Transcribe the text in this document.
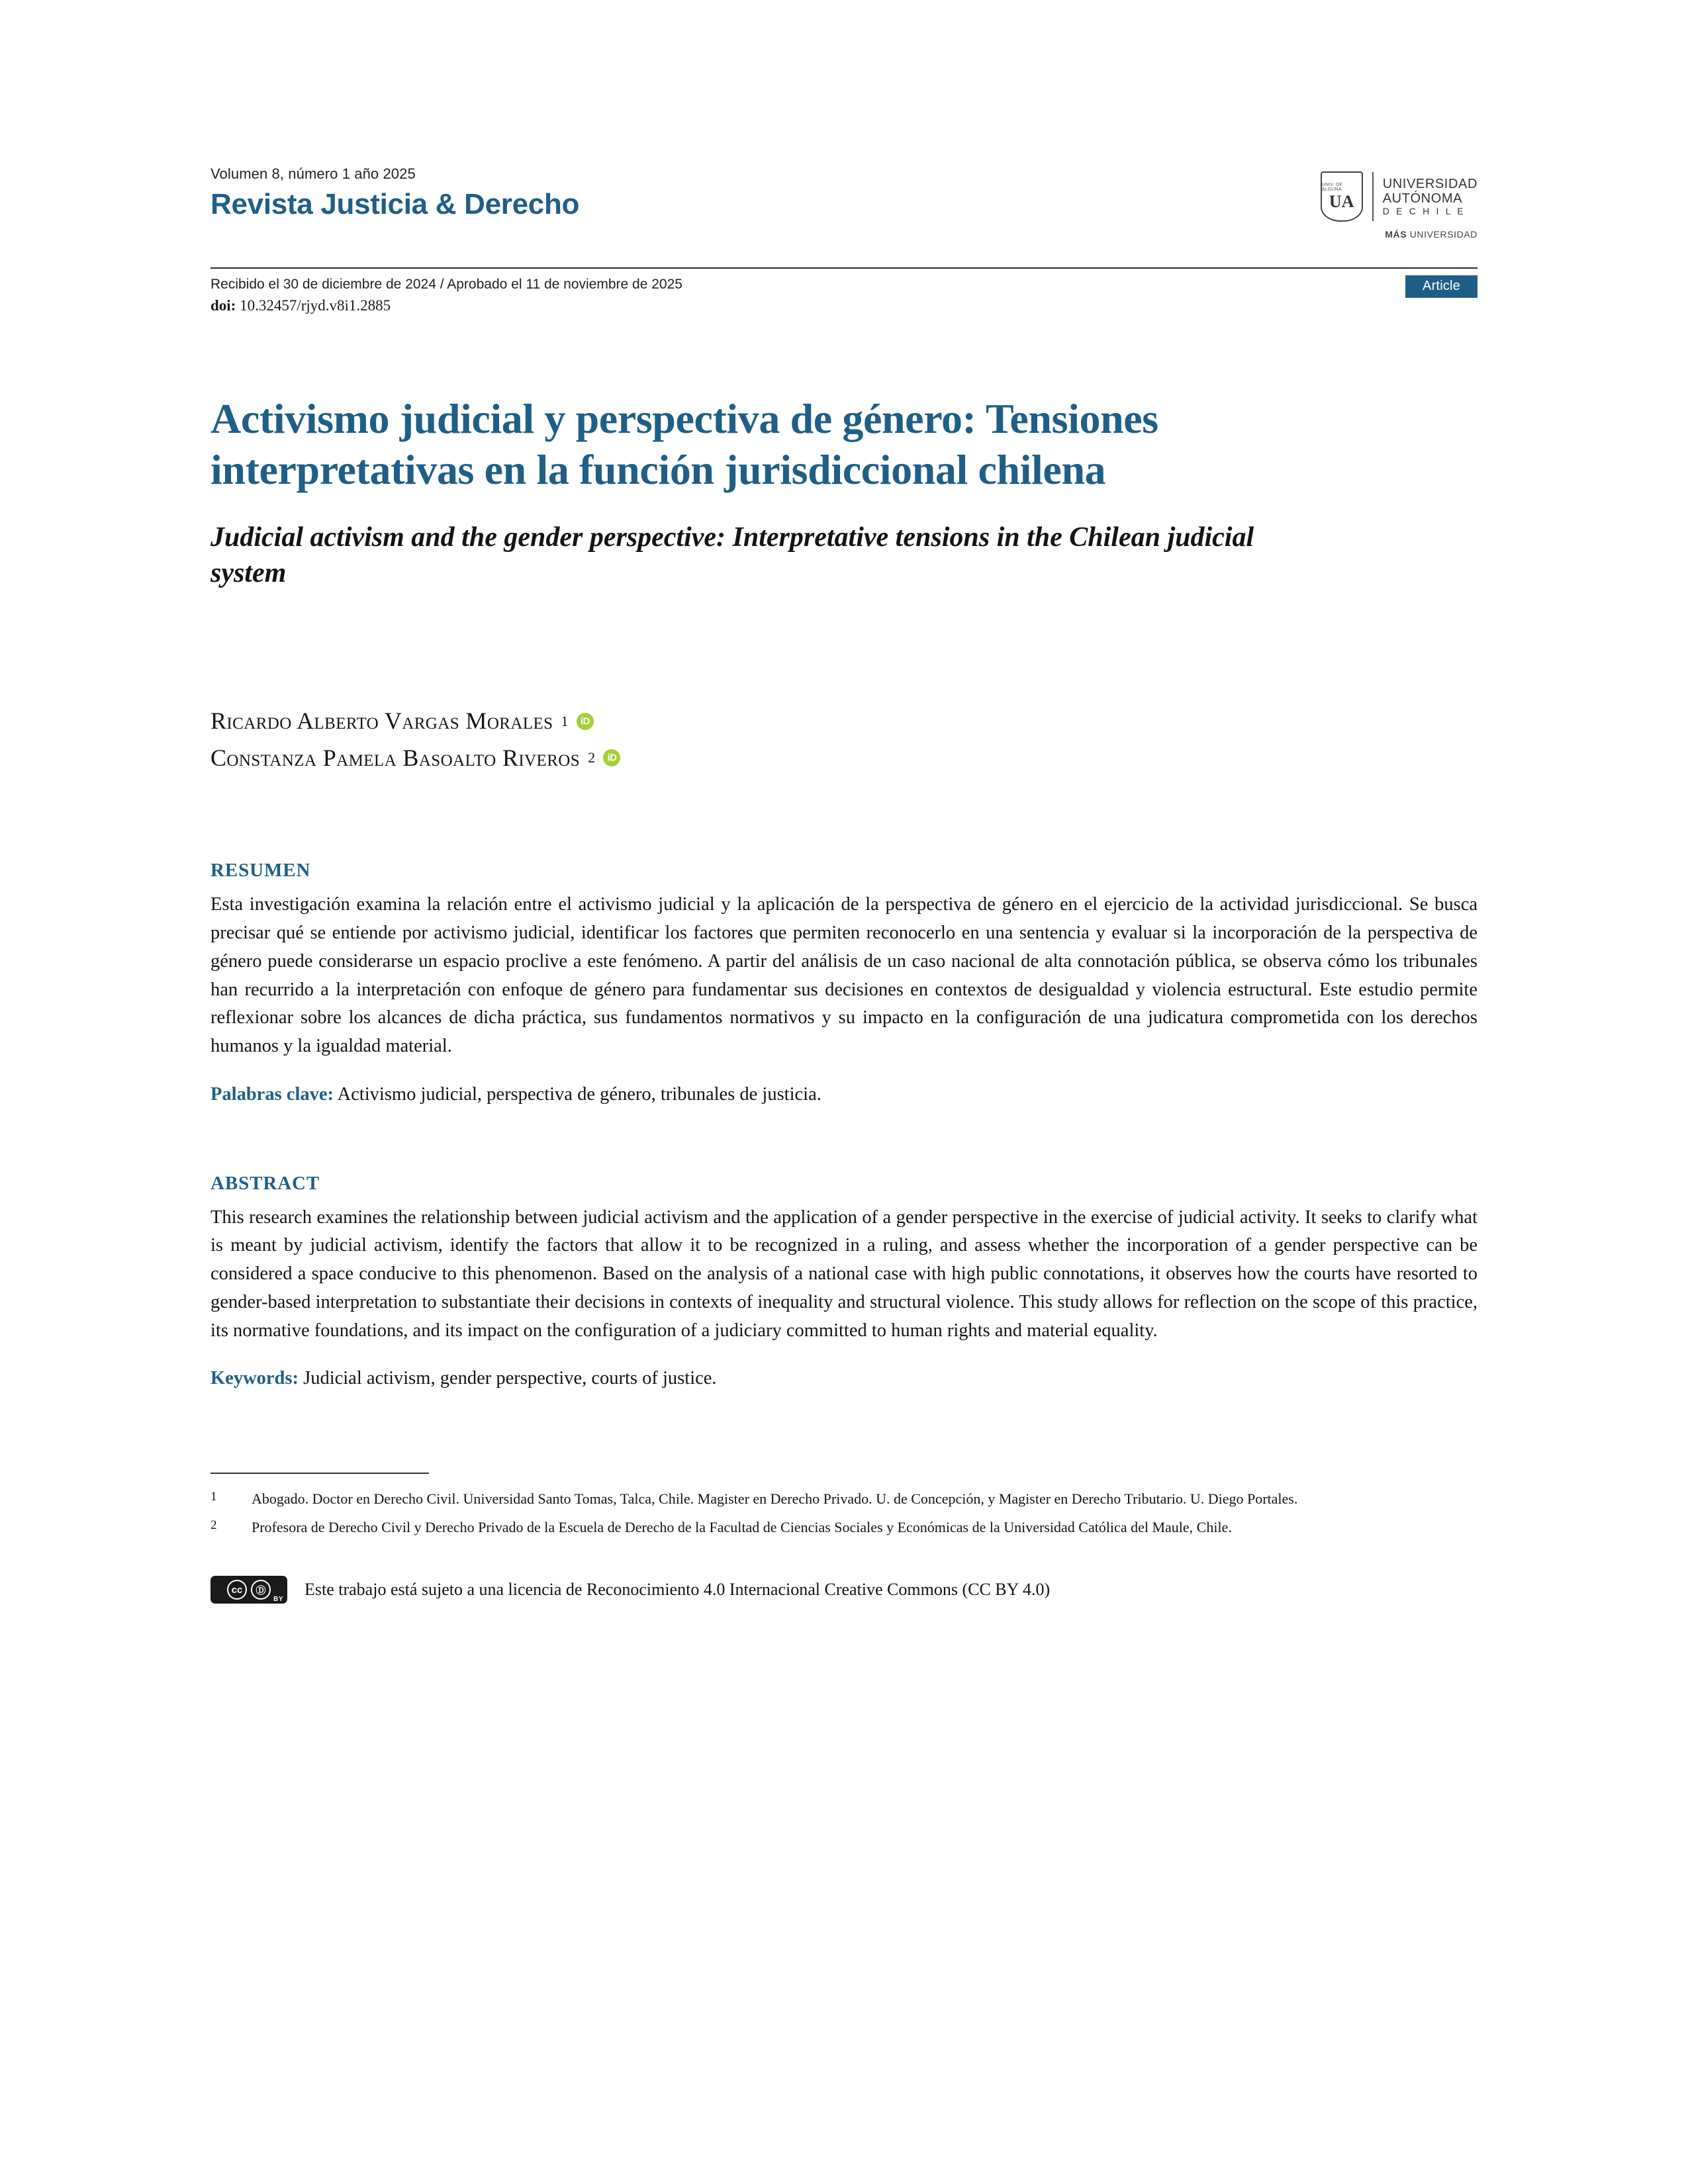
Volumen 8, número 1 año 2025
Revista Justicia & Derecho
UNIV. OF ALGUNA
UA
UNIVERSIDAD
AUTÓNOMA
D E C H I L E
MÁS UNIVERSIDAD
Recibido el 30 de diciembre de 2024 / Aprobado el 11 de noviembre de 2025
doi: 10.32457/rjyd.v8i1.2885
Article
Activismo judicial y perspectiva de género: Tensiones interpretativas en la función jurisdiccional chilena
Judicial activism and the gender perspective: Interpretative tensions in the Chilean judicial system
Ricardo Alberto Vargas Morales 1
iD
Constanza Pamela Basoalto Riveros 2
iD
RESUMEN

Esta investigación examina la relación entre el activismo judicial y la aplicación de la perspectiva de género en el ejercicio de la actividad jurisdiccional. Se busca precisar qué se entiende por activismo judicial, identificar los factores que permiten reconocerlo en una sentencia y evaluar si la incorporación de la perspectiva de género puede considerarse un espacio proclive a este fenómeno. A partir del análisis de un caso nacional de alta connotación pública, se observa cómo los tribunales han recurrido a la interpretación con enfoque de género para fundamentar sus decisiones en contextos de desigualdad y violencia estructural. Este estudio permite reflexionar sobre los alcances de dicha práctica, sus fundamentos normativos y su impacto en la configuración de una judicatura comprometida con los derechos humanos y la igualdad material.

Palabras clave: Activismo judicial, perspectiva de género, tribunales de justicia.
ABSTRACT

This research examines the relationship between judicial activism and the application of a gender perspective in the exercise of judicial activity. It seeks to clarify what is meant by judicial activism, identify the factors that allow it to be recognized in a ruling, and assess whether the incorporation of a gender perspective can be considered a space conducive to this phenomenon. Based on the analysis of a national case with high public connotations, it observes how the courts have resorted to gender-based interpretation to substantiate their decisions in contexts of inequality and structural violence. This study allows for reflection on the scope of this practice, its normative foundations, and its impact on the configuration of a judiciary committed to human rights and material equality.

Keywords: Judicial activism, gender perspective, courts of justice.
1	Abogado. Doctor en Derecho Civil. Universidad Santo Tomas, Talca, Chile. Magister en Derecho Privado. U. de Concepción, y Magister en Derecho Tributario. U. Diego Portales.
2	Profesora de Derecho Civil y Derecho Privado de la Escuela de Derecho de la Facultad de Ciencias Sociales y Económicas de la Universidad Católica del Maule, Chile.
cc	Ⓓ
BY
Este trabajo está sujeto a una licencia de Reconocimiento 4.0 Internacional Creative Commons (CC BY 4.0)
